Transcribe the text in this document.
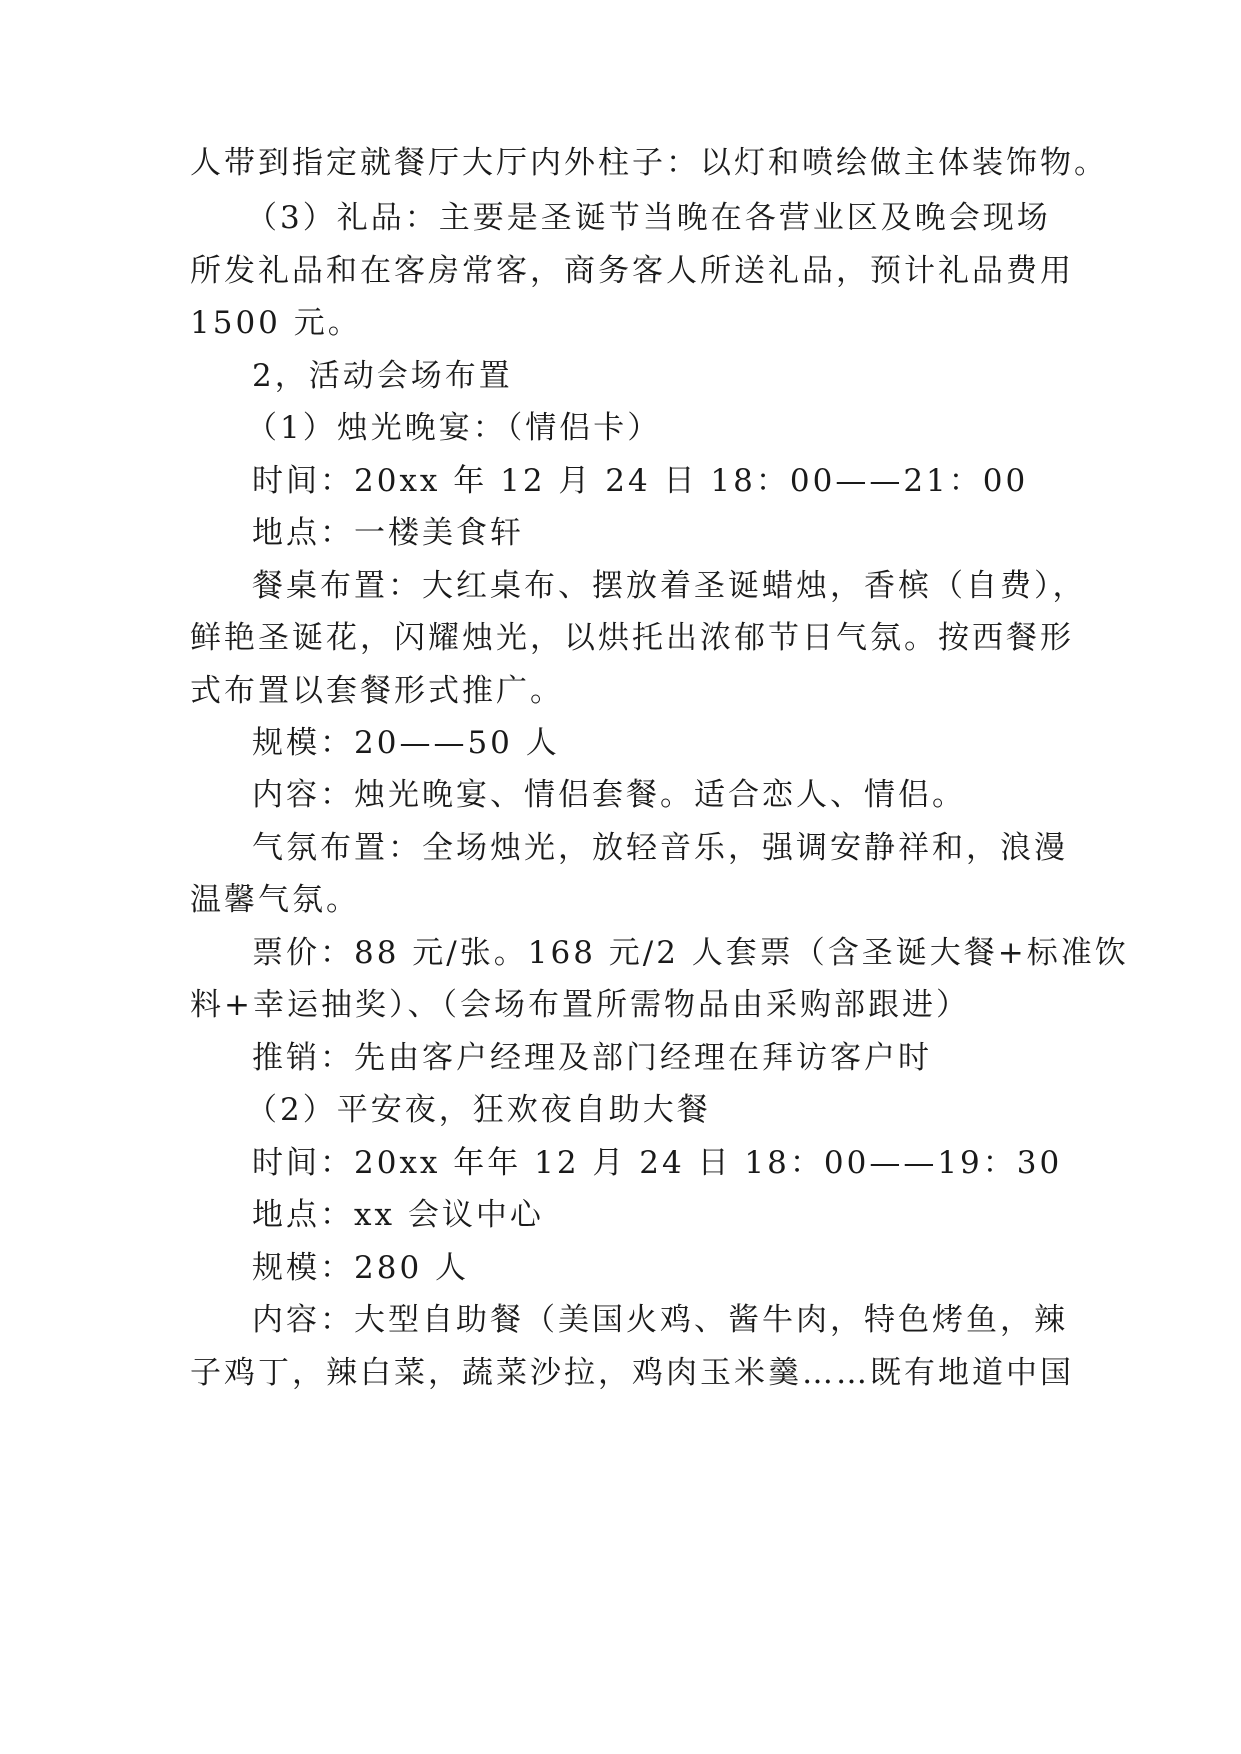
人带到指定就餐厅大厅内外柱子：以灯和喷绘做主体装饰物。
（3）礼品：主要是圣诞节当晚在各营业区及晚会现场
所发礼品和在客房常客，商务客人所送礼品，预计礼品费用
1500 元。
2，活动会场布置
（1）烛光晚宴：（情侣卡）
时间：20xx 年 12 月 24 日 18：00——21：00
地点：一楼美食轩
餐桌布置：大红桌布、摆放着圣诞蜡烛，香槟（自费），
鲜艳圣诞花，闪耀烛光，以烘托出浓郁节日气氛。按西餐形
式布置以套餐形式推广。
规模：20——50 人
内容：烛光晚宴、情侣套餐。适合恋人、情侣。
气氛布置：全场烛光，放轻音乐，强调安静祥和，浪漫
温馨气氛。
票价：88 元/张。168 元/2 人套票（含圣诞大餐+标准饮
料+幸运抽奖）、（会场布置所需物品由采购部跟进）
推销：先由客户经理及部门经理在拜访客户时
（2）平安夜，狂欢夜自助大餐
时间：20xx 年年 12 月 24 日 18：00——19：30
地点：xx 会议中心
规模：280 人
内容：大型自助餐（美国火鸡、酱牛肉，特色烤鱼，辣
子鸡丁，辣白菜，蔬菜沙拉，鸡肉玉米羹……既有地道中国
